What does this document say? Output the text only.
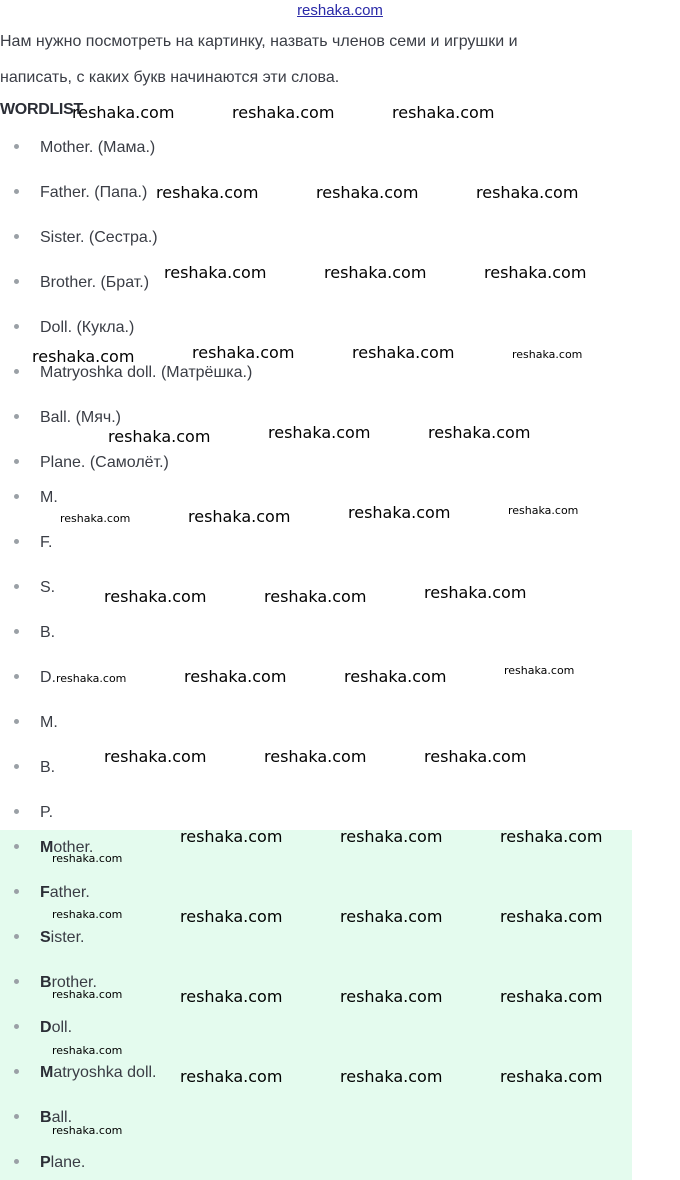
reshaka.com
Нам нужно посмотреть на картинку, назвать членов семи и игрушки и
написать, с каких букв начинаются эти слова.
WORDLIST
Mother. (Мама.)
Father. (Папа.)
Sister. (Сестра.)
Brother. (Брат.)
Doll. (Кукла.)
Matryoshka doll. (Матрёшка.)
Ball. (Мяч.)
Plane. (Самолёт.)
M.
F.
S.
B.
D.
M.
B.
P.
Mother.
Father.
Sister.
Brother.
Doll.
Matryoshka doll.
Ball.
Plane.
reshaka.com	reshaka.com	reshaka.com
reshaka.com	reshaka.com	reshaka.com
reshaka.com	reshaka.com	reshaka.com
reshaka.com	reshaka.com	reshaka.com	reshaka.com
reshaka.com	reshaka.com	reshaka.com
reshaka.com	reshaka.com	reshaka.com	reshaka.com
reshaka.com	reshaka.com	reshaka.com
reshaka.com	reshaka.com	reshaka.com	reshaka.com
reshaka.com	reshaka.com	reshaka.com
reshaka.com	reshaka.com	reshaka.com
reshaka.com
reshaka.com	reshaka.com	reshaka.com	reshaka.com
reshaka.com	reshaka.com	reshaka.com	reshaka.com
reshaka.com
reshaka.com	reshaka.com	reshaka.com
reshaka.com
